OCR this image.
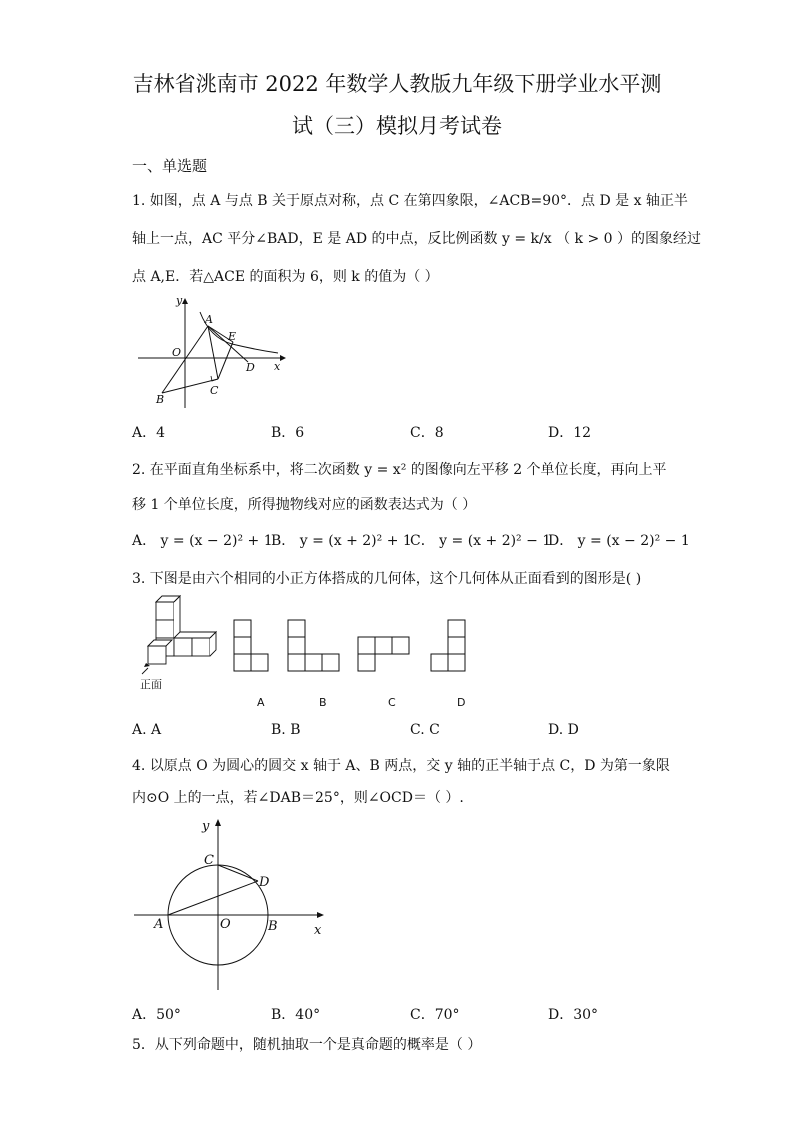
吉林省洮南市 2022 年数学人教版九年级下册学业水平测
试（三）模拟月考试卷
一、单选题
1. 如图，点 A 与点 B 关于原点对称，点 C 在第四象限，∠ACB=90°．点 D 是 x 轴正半
轴上一点，AC 平分∠BAD，E 是 AD 的中点，反比例函数 y = k/x （ k > 0 ）的图象经过
点 A,E．若△ACE 的面积为 6，则 k 的值为（ ）
y
x
O
A
E
D
C
B
A．4	B．6	C．8	D．12
2. 在平面直角坐标系中，将二次函数 y = x² 的图像向左平移 2 个单位长度，再向上平
移 1 个单位长度，所得抛物线对应的函数表达式为（ ）
A． y = (x − 2)² + 1
B． y = (x + 2)² + 1
C． y = (x + 2)² − 1
D． y = (x − 2)² − 1
3. 下图是由六个相同的小正方体搭成的几何体，这个几何体从正面看到的图形是( )
正面
A	B	C	D
A. A	B. B	C. C	D. D
4. 以原点 O 为圆心的圆交 x 轴于 A、B 两点，交 y 轴的正半轴于点 C，D 为第一象限
内⊙O 上的一点，若∠DAB＝25°，则∠OCD＝（ ）.
y
x
O
A	B
C
D
A．50°	B．40°	C．70°	D．30°
5．从下列命题中，随机抽取一个是真命题的概率是（ ）
